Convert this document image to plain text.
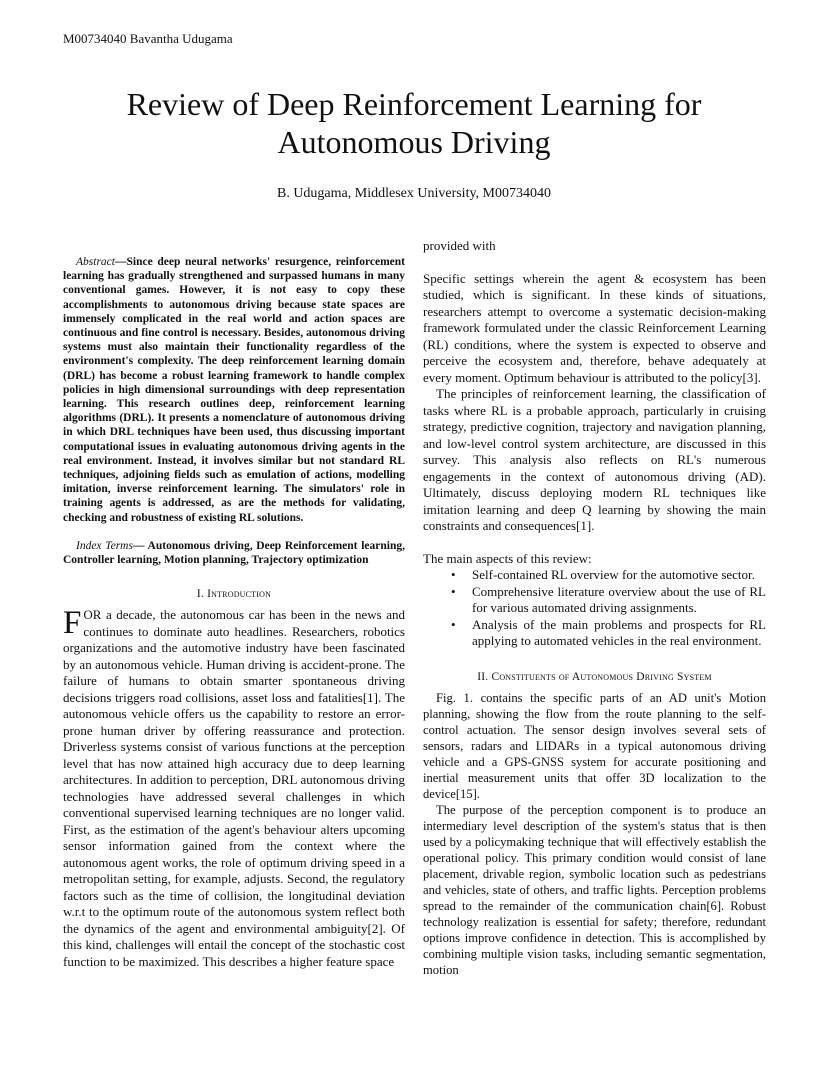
M00734040 Bavantha Udugama
Review of Deep Reinforcement Learning for
Autonomous Driving
B. Udugama, Middlesex University, M00734040

Abstract—Since deep neural networks' resurgence, reinforcement learning has gradually strengthened and surpassed humans in many conventional games. However, it is not easy to copy these accomplishments to autonomous driving because state spaces are immensely complicated in the real world and action spaces are continuous and fine control is necessary. Besides, autonomous driving systems must also maintain their functionality regardless of the environment's complexity. The deep reinforcement learning domain (DRL) has become a robust learning framework to handle complex policies in high dimensional surroundings with deep representation learning. This research outlines deep, reinforcement learning algorithms (DRL). It presents a nomenclature of autonomous driving in which DRL techniques have been used, thus discussing important computational issues in evaluating autonomous driving agents in the real environment. Instead, it involves similar but not standard RL techniques, adjoining fields such as emulation of actions, modelling imitation, inverse reinforcement learning. The simulators' role in training agents is addressed, as are the methods for validating, checking and robustness of existing RL solutions.

Index Terms— Autonomous driving, Deep Reinforcement learning, Controller learning, Motion planning, Trajectory optimization

I. Introduction

FOR a decade, the autonomous car has been in the news and continues to dominate auto headlines. Researchers, robotics organizations and the automotive industry have been fascinated by an autonomous vehicle. Human driving is accident-prone. The failure of humans to obtain smarter spontaneous driving decisions triggers road collisions, asset loss and fatalities[1]. The autonomous vehicle offers us the capability to restore an error-prone human driver by offering reassurance and protection. Driverless systems consist of various functions at the perception level that has now attained high accuracy due to deep learning architectures. In addition to perception, DRL autonomous driving technologies have addressed several challenges in which conventional supervised learning techniques are no longer valid. First, as the estimation of the agent's behaviour alters upcoming sensor information gained from the context where the autonomous agent works, the role of optimum driving speed in a metropolitan setting, for example, adjusts. Second, the regulatory factors such as the time of collision, the longitudinal deviation w.r.t to the optimum route of the autonomous system reflect both the dynamics of the agent and environmental ambiguity[2]. Of this kind, challenges will entail the concept of the stochastic cost function to be maximized. This describes a higher feature space

provided with

Specific settings wherein the agent & ecosystem has been studied, which is significant. In these kinds of situations, researchers attempt to overcome a systematic decision-making framework formulated under the classic Reinforcement Learning (RL) conditions, where the system is expected to observe and perceive the ecosystem and, therefore, behave adequately at every moment. Optimum behaviour is attributed to the policy[3].

The principles of reinforcement learning, the classification of tasks where RL is a probable approach, particularly in cruising strategy, predictive cognition, trajectory and navigation planning, and low-level control system architecture, are discussed in this survey. This analysis also reflects on RL's numerous engagements in the context of autonomous driving (AD). Ultimately, discuss deploying modern RL techniques like imitation learning and deep Q learning by showing the main constraints and consequences[1].

The main aspects of this review:

• Self-contained RL overview for the automotive sector.
• Comprehensive literature overview about the use of RL for various automated driving assignments.
• Analysis of the main problems and prospects for RL applying to automated vehicles in the real environment.
II. Constituents of Autonomous Driving System

Fig. 1. contains the specific parts of an AD unit's Motion planning, showing the flow from the route planning to the self-control actuation. The sensor design involves several sets of sensors, radars and LIDARs in a typical autonomous driving vehicle and a GPS-GNSS system for accurate positioning and inertial measurement units that offer 3D localization to the device[15].

The purpose of the perception component is to produce an intermediary level description of the system's status that is then used by a policymaking technique that will effectively establish the operational policy. This primary condition would consist of lane placement, drivable region, symbolic location such as pedestrians and vehicles, state of others, and traffic lights. Perception problems spread to the remainder of the communication chain[6]. Robust technology realization is essential for safety; therefore, redundant options improve confidence in detection. This is accomplished by combining multiple vision tasks, including semantic segmentation, motion
